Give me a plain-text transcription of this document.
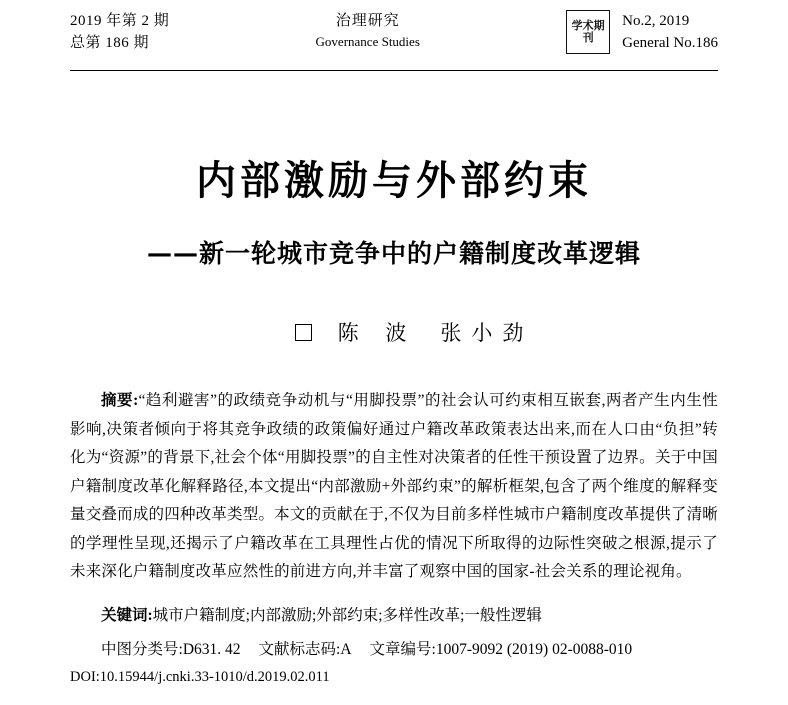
2019 年第 2 期
总第 186 期
治理研究
Governance Studies
学术期刊
No.2, 2019
General No.186
内部激励与外部约束
——新一轮城市竞争中的户籍制度改革逻辑
陈 波 张小劲

摘要:“趋利避害”的政绩竞争动机与“用脚投票”的社会认可约束相互嵌套,两者产生内生性影响,决策者倾向于将其竞争政绩的政策偏好通过户籍改革政策表达出来,而在人口由“负担”转化为“资源”的背景下,社会个体“用脚投票”的自主性对决策者的任性干预设置了边界。关于中国户籍制度改革化解释路径,本文提出“内部激励+外部约束”的解析框架,包含了两个维度的解释变量交叠而成的四种改革类型。本文的贡献在于,不仅为目前多样性城市户籍制度改革提供了清晰的学理性呈现,还揭示了户籍改革在工具理性占优的情况下所取得的边际性突破之根源,提示了未来深化户籍制度改革应然性的前进方向,并丰富了观察中国的国家-社会关系的理论视角。

关键词:城市户籍制度;内部激励;外部约束;多样性改革;一般性逻辑
中图分类号:D631. 42 文献标志码:A 文章编号:1007-9092 (2019) 02-0088-010
DOI:10.15944/j.cnki.33-1010/d.2019.02.011
